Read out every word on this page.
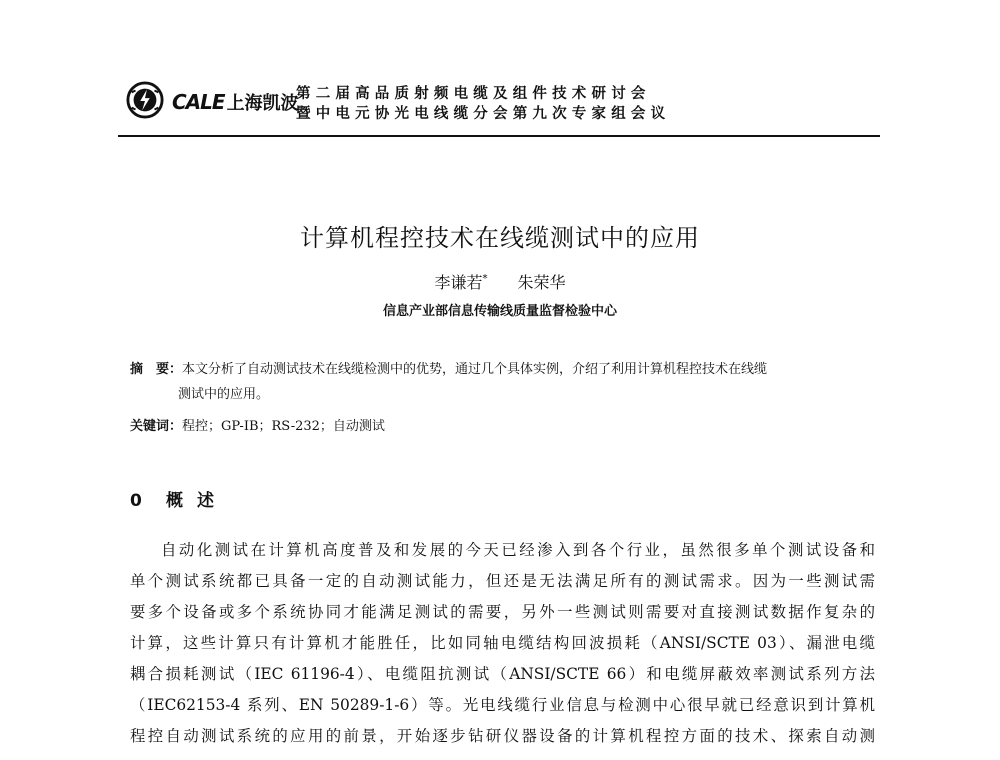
CALE 上海凯波
第二届高品质射频电缆及组件技术研讨会
暨中电元协光电线缆分会第九次专家组会议
计算机程控技术在线缆测试中的应用
李谦若* 朱荣华
信息产业部信息传输线质量监督检验中心
摘　要：本文分析了自动测试技术在线缆检测中的优势，通过几个具体实例，介绍了利用计算机程控技术在线缆
测试中的应用。
关键词：程控；GP-IB；RS-232；自动测试
0 概述
自动化测试在计算机高度普及和发展的今天已经渗入到各个行业，虽然很多单个测试设备和
单个测试系统都已具备一定的自动测试能力，但还是无法满足所有的测试需求。因为一些测试需
要多个设备或多个系统协同才能满足测试的需要，另外一些测试则需要对直接测试数据作复杂的
计算，这些计算只有计算机才能胜任，比如同轴电缆结构回波损耗（ANSI/SCTE 03）、漏泄电缆
耦合损耗测试（IEC 61196-4）、电缆阻抗测试（ANSI/SCTE 66）和电缆屏蔽效率测试系列方法
（IEC62153-4 系列、EN 50289-1-6）等。光电线缆行业信息与检测中心很早就已经意识到计算机
程控自动测试系统的应用的前景，开始逐步钻研仪器设备的计算机程控方面的技术、探索自动测
